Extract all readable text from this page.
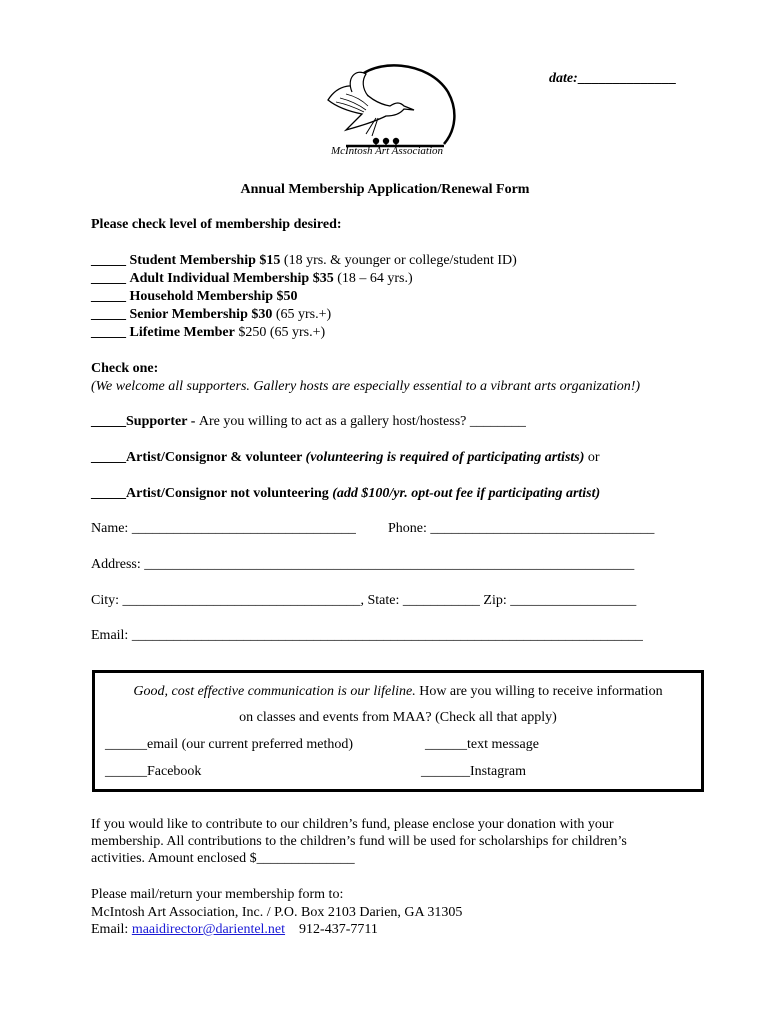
date:______________
McIntosh Art Association
Annual Membership Application/Renewal Form
Please check level of membership desired:
_____ Student Membership $15 (18 yrs. & younger or college/student ID)
_____ Adult Individual Membership $35 (18 – 64 yrs.)
_____ Household Membership $50
_____ Senior Membership $30 (65 yrs.+)
_____ Lifetime Member $250 (65 yrs.+)
Check one:
(We welcome all supporters. Gallery hosts are especially essential to a vibrant arts organization!)
_____Supporter - Are you willing to act as a gallery host/hostess? ________
_____Artist/Consignor & volunteer (volunteering is required of participating artists) or
_____Artist/Consignor not volunteering (add $100/yr. opt-out fee if participating artist)
Name: ________________________________ Phone: ________________________________
Address: ______________________________________________________________________
City: __________________________________, State: ___________ Zip: __________________
Email: _________________________________________________________________________
Good, cost effective communication is our lifeline. How are you willing to receive information
on classes and events from MAA? (Check all that apply)
______email (our current preferred method)	______text message
______Facebook	_______Instagram
If you would like to contribute to our children’s fund, please enclose your donation with your
membership. All contributions to the children’s fund will be used for scholarships for children’s
activities. Amount enclosed $______________
Please mail/return your membership form to:
McIntosh Art Association, Inc. / P.O. Box 2103 Darien, GA 31305
Email: maaidirector@darientel.net    912-437-7711
